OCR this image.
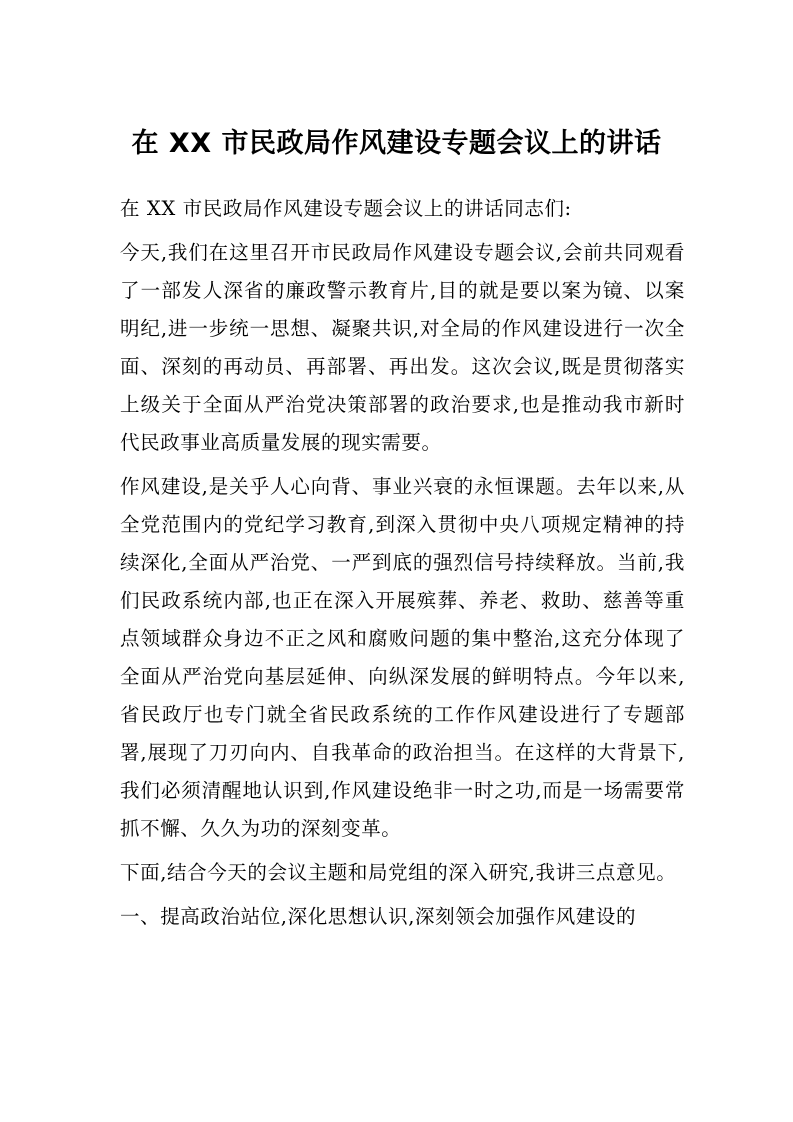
在 XX 市民政局作风建设专题会议上的讲话

在 XX 市民政局作风建设专题会议上的讲话同志们:

今天,我们在这里召开市民政局作风建设专题会议,会前共同观看了一部发人深省的廉政警示教育片,目的就是要以案为镜、以案明纪,进一步统一思想、凝聚共识,对全局的作风建设进行一次全面、深刻的再动员、再部署、再出发。这次会议,既是贯彻落实上级关于全面从严治党决策部署的政治要求,也是推动我市新时代民政事业高质量发展的现实需要。

作风建设,是关乎人心向背、事业兴衰的永恒课题。去年以来,从全党范围内的党纪学习教育,到深入贯彻中央八项规定精神的持续深化,全面从严治党、一严到底的强烈信号持续释放。当前,我们民政系统内部,也正在深入开展殡葬、养老、救助、慈善等重点领域群众身边不正之风和腐败问题的集中整治,这充分体现了全面从严治党向基层延伸、向纵深发展的鲜明特点。今年以来,省民政厅也专门就全省民政系统的工作作风建设进行了专题部署,展现了刀刃向内、自我革命的政治担当。在这样的大背景下,我们必须清醒地认识到,作风建设绝非一时之功,而是一场需要常抓不懈、久久为功的深刻变革。

下面,结合今天的会议主题和局党组的深入研究,我讲三点意见。

一、提高政治站位,深化思想认识,深刻领会加强作风建设的
